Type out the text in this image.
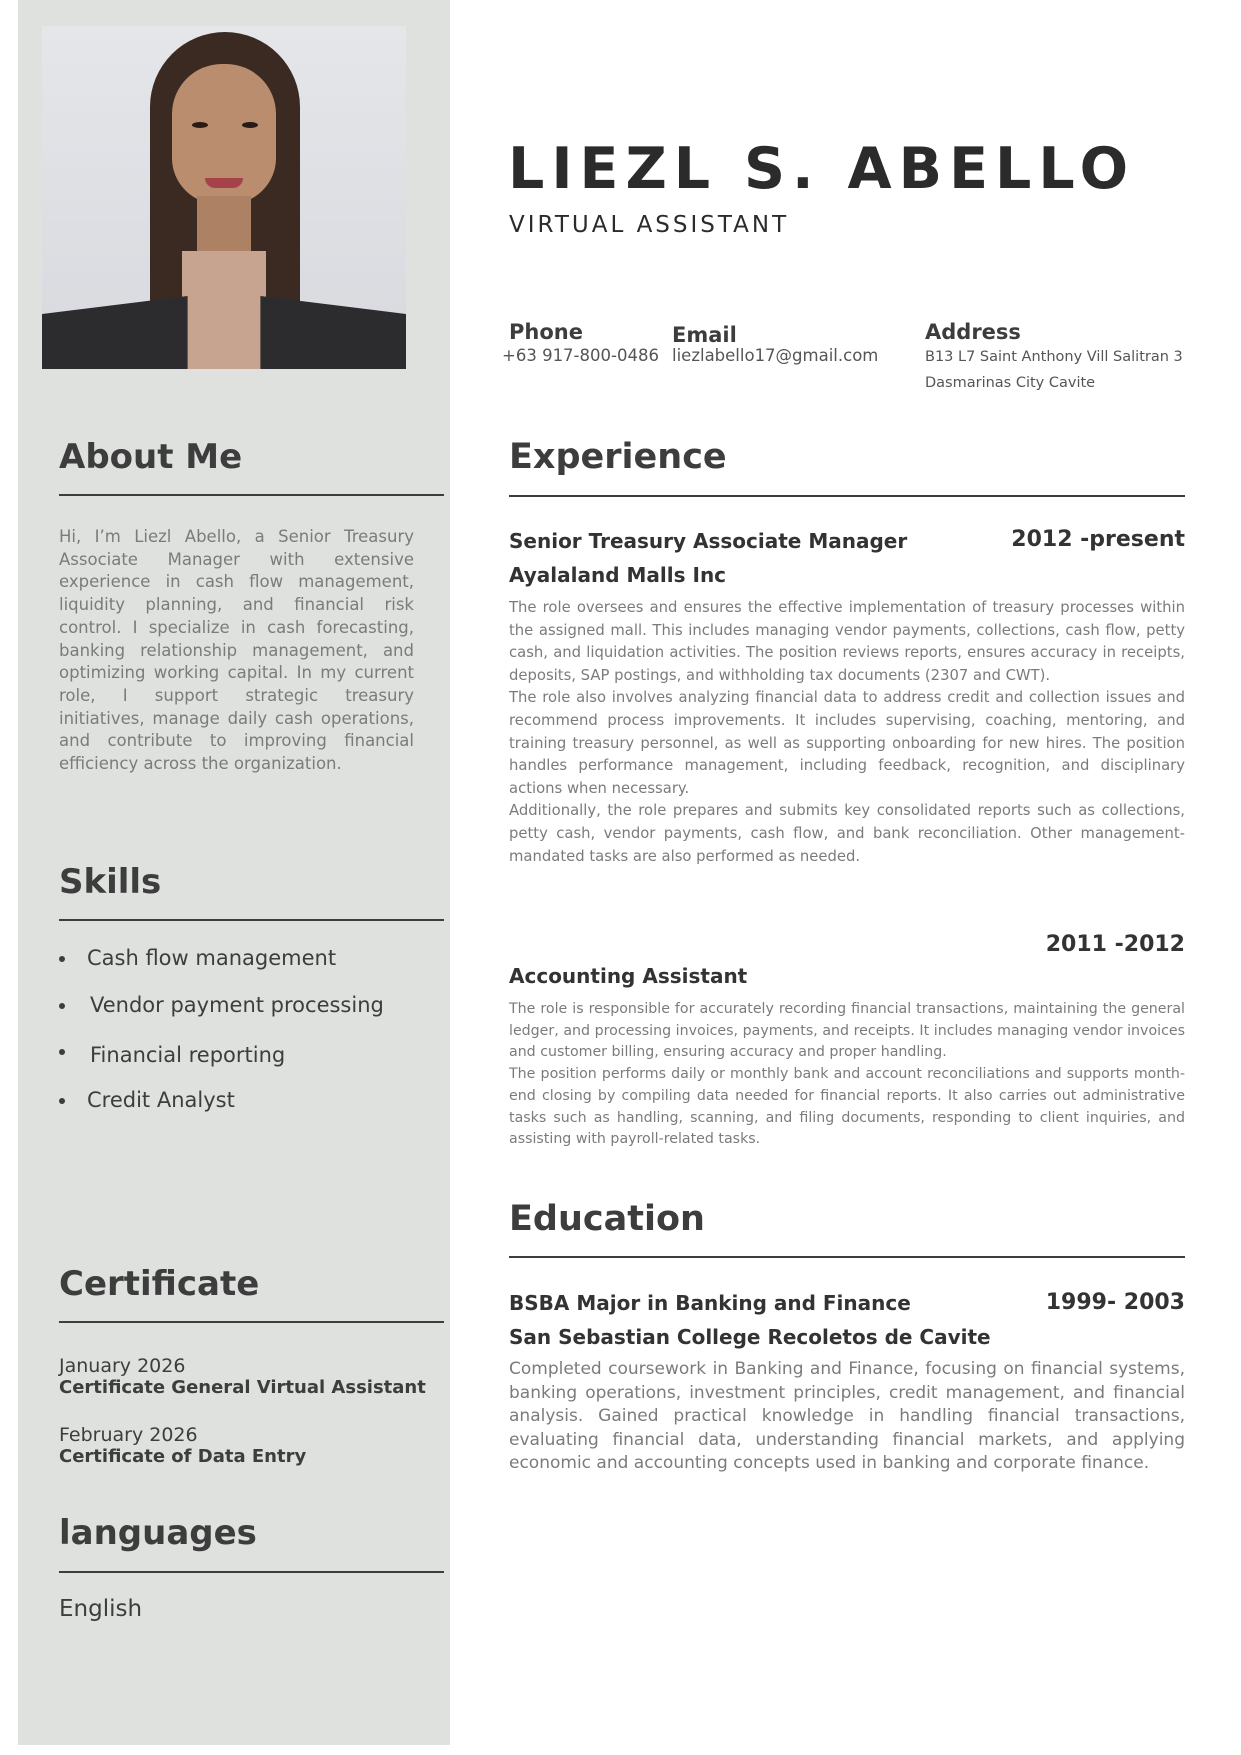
About Me

Hi, I’m Liezl Abello, a Senior Treasury Associate Manager with extensive experience in cash flow management, liquidity planning, and financial risk control. I specialize in cash forecasting, banking relationship management, and optimizing working capital. In my current role, I support strategic treasury initiatives, manage daily cash operations, and contribute to improving financial efficiency across the organization.

Skills
Cash flow management
Vendor payment processing
Financial reporting
Credit Analyst
Certificate
January 2026
Certificate General Virtual Assistant
February 2026
Certificate of Data Entry
languages
English
LIEZL S. ABELLO
VIRTUAL ASSISTANT
Phone
+63 917-800-0486
Email
liezlabello17@gmail.com
Address
B13 L7 Saint Anthony Vill Salitran 3
Dasmarinas City Cavite
Experience
Senior Treasury Associate Manager	2012 -present
Ayalaland Malls Inc

The role oversees and ensures the effective implementation of treasury processes within the assigned mall. This includes managing vendor payments, collections, cash flow, petty cash, and liquidation activities. The position reviews reports, ensures accuracy in receipts, deposits, SAP postings, and withholding tax documents (2307 and CWT).

The role also involves analyzing financial data to address credit and collection issues and recommend process improvements. It includes supervising, coaching, mentoring, and training treasury personnel, as well as supporting onboarding for new hires. The position handles performance management, including feedback, recognition, and disciplinary actions when necessary.

Additionally, the role prepares and submits key consolidated reports such as collections, petty cash, vendor payments, cash flow, and bank reconciliation. Other management-mandated tasks are also performed as needed.

2011 -2012
Accounting Assistant

The role is responsible for accurately recording financial transactions, maintaining the general ledger, and processing invoices, payments, and receipts. It includes managing vendor invoices and customer billing, ensuring accuracy and proper handling.

The position performs daily or monthly bank and account reconciliations and supports month-end closing by compiling data needed for financial reports. It also carries out administrative tasks such as handling, scanning, and filing documents, responding to client inquiries, and assisting with payroll-related tasks.

Education
BSBA Major in Banking and Finance	1999- 2003
San Sebastian College Recoletos de Cavite

Completed coursework in Banking and Finance, focusing on financial systems, banking operations, investment principles, credit management, and financial analysis. Gained practical knowledge in handling financial transactions, evaluating financial data, understanding financial markets, and applying economic and accounting concepts used in banking and corporate finance.
